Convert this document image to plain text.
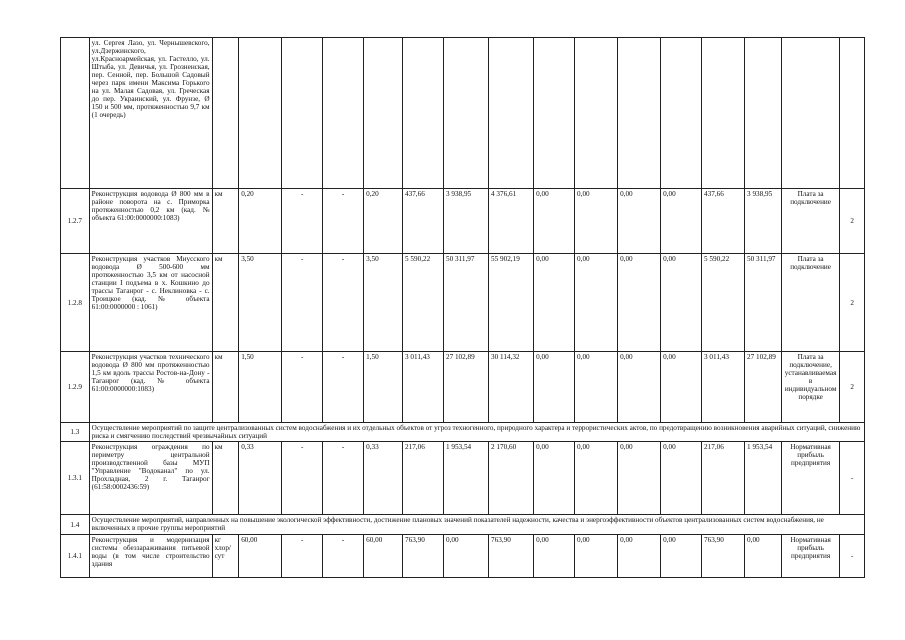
	ул. Сергея Лазо, ул. Чернышевского, ул.Дзержинского, ул.Красноармейская, ул. Гастелло, ул. Штыба, ул. Девичья, ул. Грозненская, пер. Сенной, пер. Большой Садовый через парк имени Максима Горького на ул. Малая Садовая, ул. Греческая до пер. Украинский, ул. Фрунзе, Ø 150 и 500 мм, протяженностью 9,7 км (1 очередь)																
1.2.7	Реконструкция водовода Ø 800 мм в районе поворота на с. Приморка протяженностью 0,2 км (кад. № объекта 61:00:0000000:1083)	км	0,20	-	-	0,20	437,66	3 938,95	4 376,61	0,00	0,00	0,00	0,00	437,66	3 938,95	Плата за подключение	2
1.2.8	Реконструкция участков Миусского водовода Ø 500-600 мм протяженностью 3,5 км от насосной станции I подъема в х. Кошкино до трассы Таганрог - с. Неклиновка - с. Троицкое (кад. № объекта 61:00:0000000 : 1061)	км	3,50	-	-	3,50	5 590,22	50 311,97	55 902,19	0,00	0,00	0,00	0,00	5 590,22	50 311,97	Плата за подключение	2
1.2.9	Реконструкция участков технического водовода Ø 800 мм протяженностью 1,5 км вдоль трассы Ростов-на-Дону - Таганрог (кад. № объекта 61:00:0000000:1083)	км	1,50	-	-	1,50	3 011,43	27 102,89	30 114,32	0,00	0,00	0,00	0,00	3 011,43	27 102,89	Плата за подключение, устанавливаемая в индивидуальном порядке	2
1.3	Осуществление мероприятий по защите централизованных систем водоснабжения и их отдельных объектов от угроз техногенного, природного характера и террористических актов, по предотвращению возникновения аварийных ситуаций, снижению риска и смягчению последствий чрезвычайных ситуаций																
1.3.1	Реконструкция ограждения по периметру центральной производственной базы МУП "Управление "Водоканал" по ул. Прохладная, 2 г. Таганрог (61:58:0002436:59)	км	0,33	-	-	0,33	217,06	1 953,54	2 170,60	0,00	0,00	0,00	0,00	217,06	1 953,54	Нормативная прибыль предприятия	-
1.4	Осуществление мероприятий, направленных на повышение экологической эффективности, достижение плановых значений показателей надежности, качества и энергоэффективности объектов централизованных систем водоснабжения, не включенных в прочие группы мероприятий																
1.4.1	Реконструкция и модернизация системы обеззараживания питьевой воды (в том числе строительство здания	кг хлор/сут	60,00	-	-	60,00	763,90	0,00	763,90	0,00	0,00	0,00	0,00	763,90	0,00	Нормативная прибыль предприятия	-
